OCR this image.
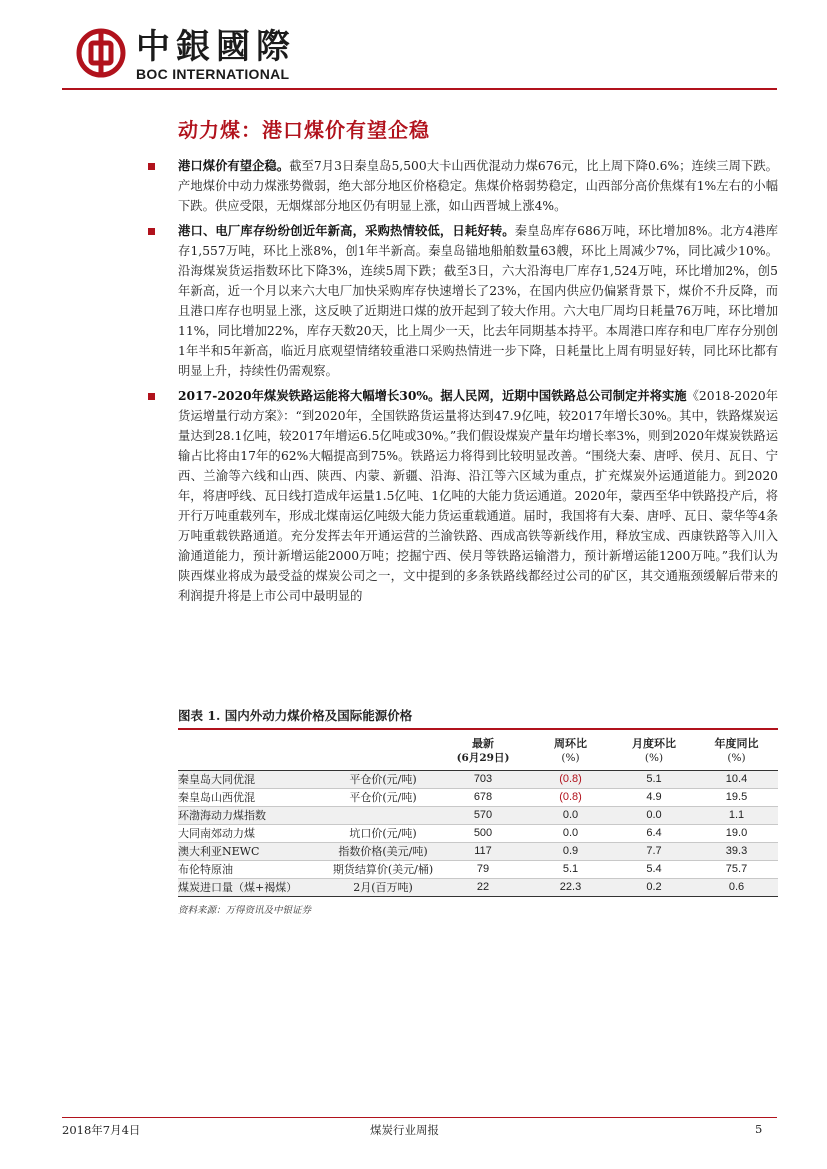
中銀國際
BOC INTERNATIONAL
动力煤：港口煤价有望企稳
港口煤价有望企稳。截至7月3日秦皇岛5,500大卡山西优混动力煤676元，比上周下降0.6%；连续三周下跌。产地煤价中动力煤涨势微弱，绝大部分地区价格稳定。焦煤价格弱势稳定，山西部分高价焦煤有1%左右的小幅下跌。供应受限，无烟煤部分地区仍有明显上涨，如山西晋城上涨4%。
港口、电厂库存纷纷创近年新高，采购热情较低，日耗好转。秦皇岛库存686万吨，环比增加8%。北方4港库存1,557万吨，环比上涨8%，创1年半新高。秦皇岛锚地船舶数量63艘，环比上周减少7%，同比减少10%。沿海煤炭货运指数环比下降3%，连续5周下跌；截至3日，六大沿海电厂库存1,524万吨，环比增加2%，创5年新高，近一个月以来六大电厂加快采购库存快速增长了23%，在国内供应仍偏紧背景下，煤价不升反降，而且港口库存也明显上涨，这反映了近期进口煤的放开起到了较大作用。六大电厂周均日耗量76万吨，环比增加11%，同比增加22%，库存天数20天，比上周少一天，比去年同期基本持平。本周港口库存和电厂库存分别创1年半和5年新高，临近月底观望情绪较重港口采购热情进一步下降，日耗量比上周有明显好转，同比环比都有明显上升，持续性仍需观察。
2017-2020年煤炭铁路运能将大幅增长30%。据人民网，近期中国铁路总公司制定并将实施《2018-2020年货运增量行动方案》：“到2020年，全国铁路货运量将达到47.9亿吨，较2017年增长30%。其中，铁路煤炭运量达到28.1亿吨，较2017年增运6.5亿吨或30%。”我们假设煤炭产量年均增长率3%，则到2020年煤炭铁路运输占比将由17年的62%大幅提高到75%。铁路运力将得到比较明显改善。“围绕大秦、唐呼、侯月、瓦日、宁西、兰渝等六线和山西、陕西、内蒙、新疆、沿海、沿江等六区域为重点，扩充煤炭外运通道能力。到2020年，将唐呼线、瓦日线打造成年运量1.5亿吨、1亿吨的大能力货运通道。2020年，蒙西至华中铁路投产后，将开行万吨重载列车，形成北煤南运亿吨级大能力货运重载通道。届时，我国将有大秦、唐呼、瓦日、蒙华等4条万吨重载铁路通道。充分发挥去年开通运营的兰渝铁路、西成高铁等新线作用，释放宝成、西康铁路等入川入渝通道能力，预计新增运能2000万吨；挖掘宁西、侯月等铁路运输潜力，预计新增运能1200万吨。”我们认为陕西煤业将成为最受益的煤炭公司之一，文中提到的多条铁路线都经过公司的矿区，其交通瓶颈缓解后带来的利润提升将是上市公司中最明显的
图表 1. 国内外动力煤价格及国际能源价格
		最新	周环比	月度环比	年度同比
		(6月29日)	(%)	(%)	(%)
秦皇岛大同优混	平仓价(元/吨)	703	(0.8)	5.1	10.4
秦皇岛山西优混	平仓价(元/吨)	678	(0.8)	4.9	19.5
环渤海动力煤指数		570	0.0	0.0	1.1
大同南郊动力煤	坑口价(元/吨)	500	0.0	6.4	19.0
澳大利亚NEWC	指数价格(美元/吨)	117	0.9	7.7	39.3
布伦特原油	期货结算价(美元/桶)	79	5.1	5.4	75.7
煤炭进口量（煤+褐煤）	2月(百万吨)	22	22.3	0.2	0.6
资料来源：万得资讯及中银证券
2018年7月4日	煤炭行业周报	5
